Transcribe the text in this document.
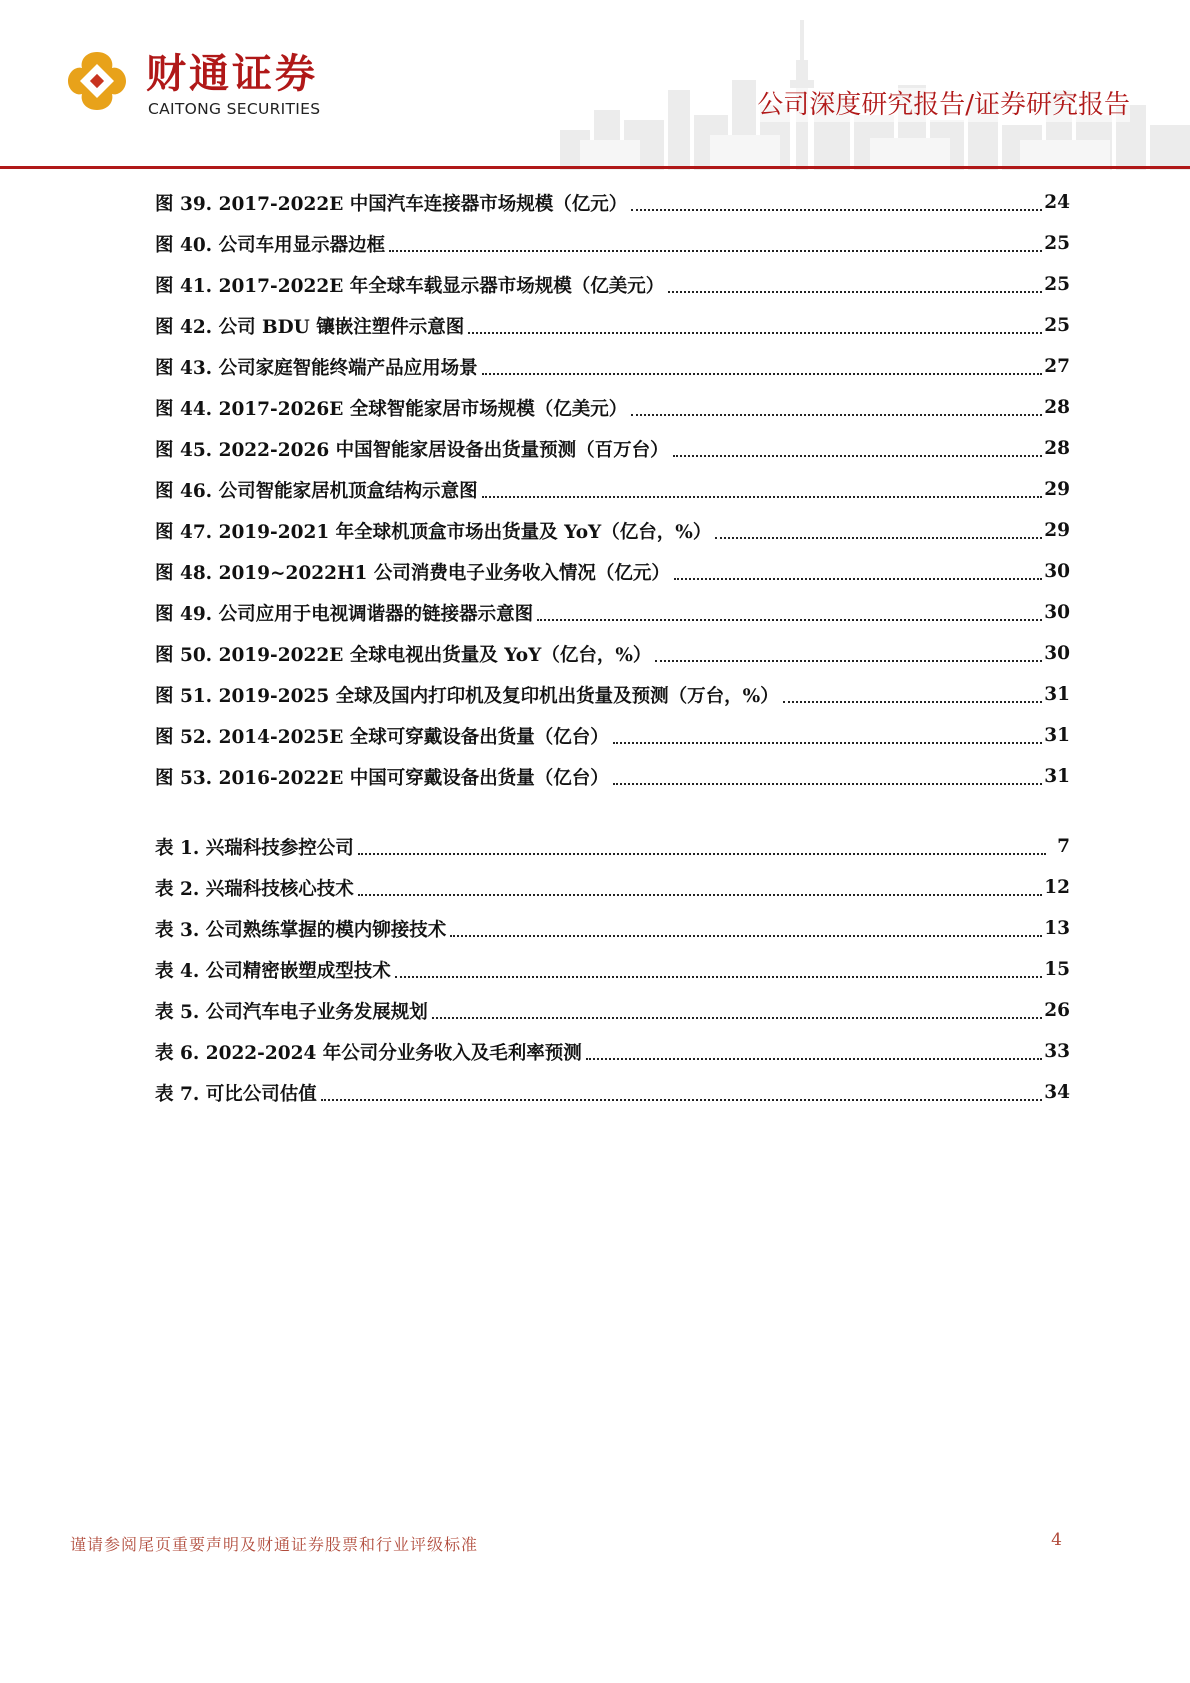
财通证券
CAITONG SECURITIES	公司深度研究报告/证券研究报告
图 39. 2017-2022E 中国汽车连接器市场规模（亿元）	24
图 40. 公司车用显示器边框	25
图 41. 2017-2022E 年全球车载显示器市场规模（亿美元）	25
图 42. 公司 BDU 镶嵌注塑件示意图	25
图 43. 公司家庭智能终端产品应用场景	27
图 44. 2017-2026E 全球智能家居市场规模（亿美元）	28
图 45. 2022-2026 中国智能家居设备出货量预测（百万台）	28
图 46. 公司智能家居机顶盒结构示意图	29
图 47. 2019-2021 年全球机顶盒市场出货量及 YoY（亿台，%）	29
图 48. 2019~2022H1 公司消费电子业务收入情况（亿元）	30
图 49. 公司应用于电视调谐器的链接器示意图	30
图 50. 2019-2022E 全球电视出货量及 YoY（亿台，%）	30
图 51. 2019-2025 全球及国内打印机及复印机出货量及预测（万台，%）	31
图 52. 2014-2025E 全球可穿戴设备出货量（亿台）	31
图 53. 2016-2022E 中国可穿戴设备出货量（亿台）	31
表 1. 兴瑞科技参控公司	7
表 2. 兴瑞科技核心技术	12
表 3. 公司熟练掌握的模内铆接技术	13
表 4. 公司精密嵌塑成型技术	15
表 5. 公司汽车电子业务发展规划	26
表 6. 2022-2024 年公司分业务收入及毛利率预测	33
表 7. 可比公司估值	34
谨请参阅尾页重要声明及财通证券股票和行业评级标准	4
